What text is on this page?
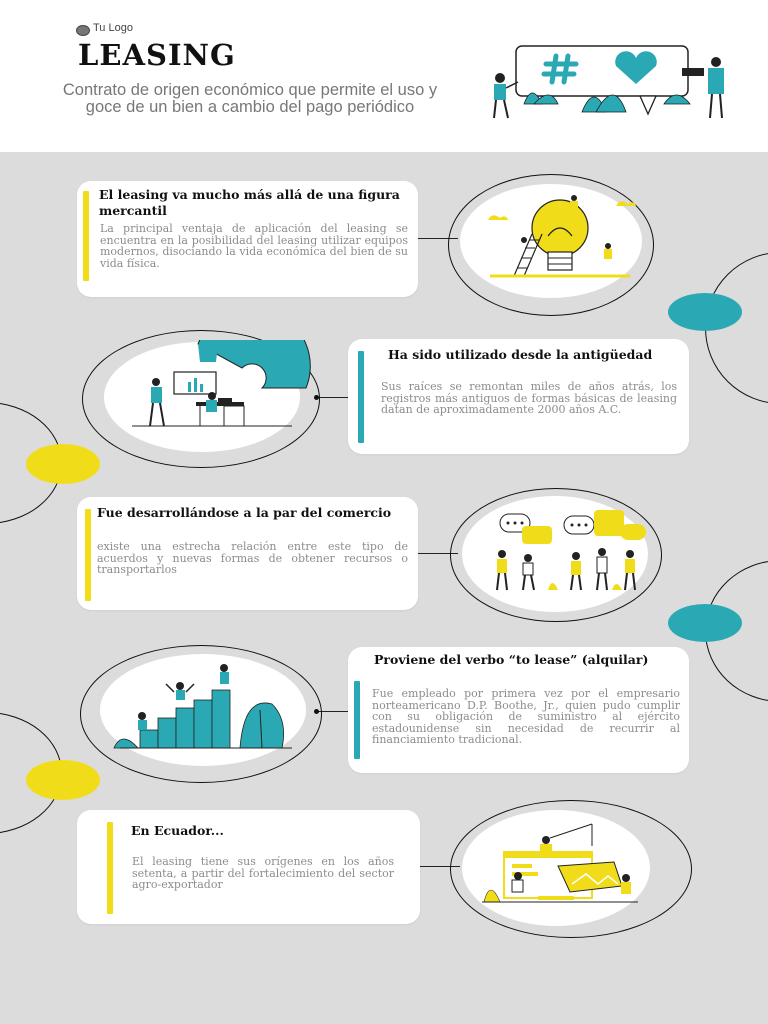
Tu Logo
LEASING
Contrato de origen económico que permite el uso y goce de un bien a cambio del pago periódico
El leasing va mucho más allá de una figura mercantil

La principal ventaja de aplicación del leasing se encuentra en la posibilidad del leasing utilizar equipos modernos, disociando la vida económica del bien de su vida física.

Ha sido utilizado desde la antigüedad

Sus raíces se remontan miles de años atrás, los registros más antiguos de formas básicas de leasing datan de aproximadamente 2000 años A.C.

Fue desarrollándose a la par del comercio

existe una estrecha relación entre este tipo de acuerdos y nuevas formas de obtener recursos o transportarlos

Proviene del verbo “to lease” (alquilar)

Fue empleado por primera vez por el empresario norteamericano D.P. Boothe, Jr., quien pudo cumplir con su obligación de suministro al ejército estadounidense sin necesidad de recurrir al financiamiento tradicional.

En Ecuador...

El leasing tiene sus orígenes en los años setenta, a partir del fortalecimiento del sector agro-exportador
